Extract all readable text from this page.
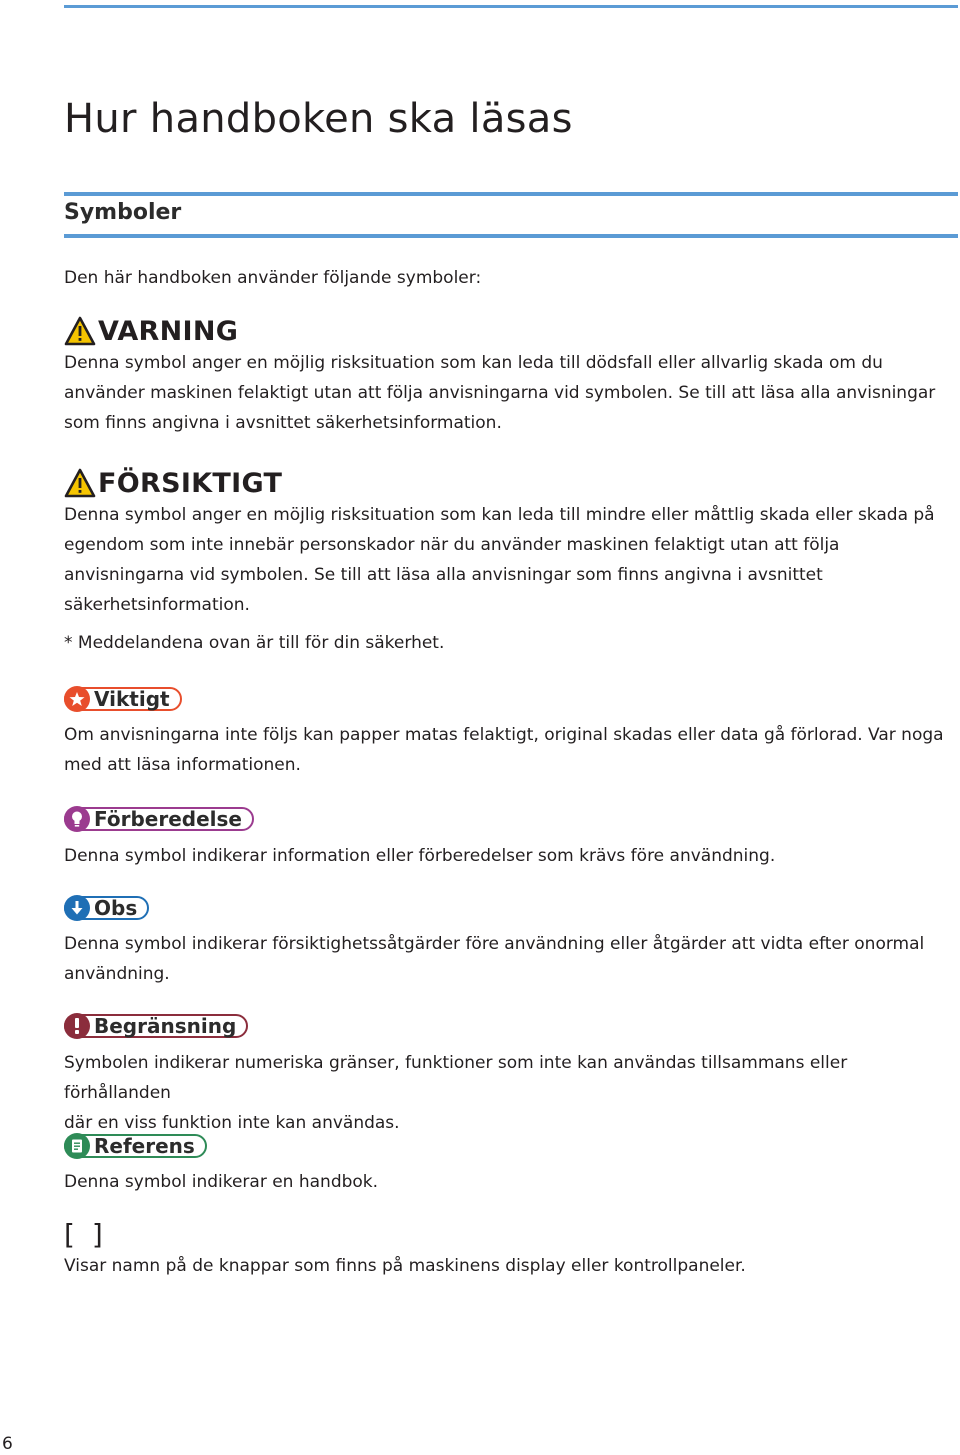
Hur handboken ska läsas
Symboler
Den här handboken använder följande symboler:
VARNING
Denna symbol anger en möjlig risksituation som kan leda till dödsfall eller allvarlig skada om du
använder maskinen felaktigt utan att följa anvisningarna vid symbolen. Se till att läsa alla anvisningar
som finns angivna i avsnittet säkerhetsinformation.
FÖRSIKTIGT
Denna symbol anger en möjlig risksituation som kan leda till mindre eller måttlig skada eller skada på
egendom som inte innebär personskador när du använder maskinen felaktigt utan att följa
anvisningarna vid symbolen. Se till att läsa alla anvisningar som finns angivna i avsnittet
säkerhetsinformation.
* Meddelandena ovan är till för din säkerhet.
Viktigt
Om anvisningarna inte följs kan papper matas felaktigt, original skadas eller data gå förlorad. Var noga
med att läsa informationen.
Förberedelse
Denna symbol indikerar information eller förberedelser som krävs före användning.
Obs
Denna symbol indikerar försiktighetssåtgärder före användning eller åtgärder att vidta efter onormal
användning.
Begränsning
Symbolen indikerar numeriska gränser, funktioner som inte kan användas tillsammans eller förhållanden
där en viss funktion inte kan användas.
Referens
Denna symbol indikerar en handbok.
[ ]
Visar namn på de knappar som finns på maskinens display eller kontrollpaneler.
6
